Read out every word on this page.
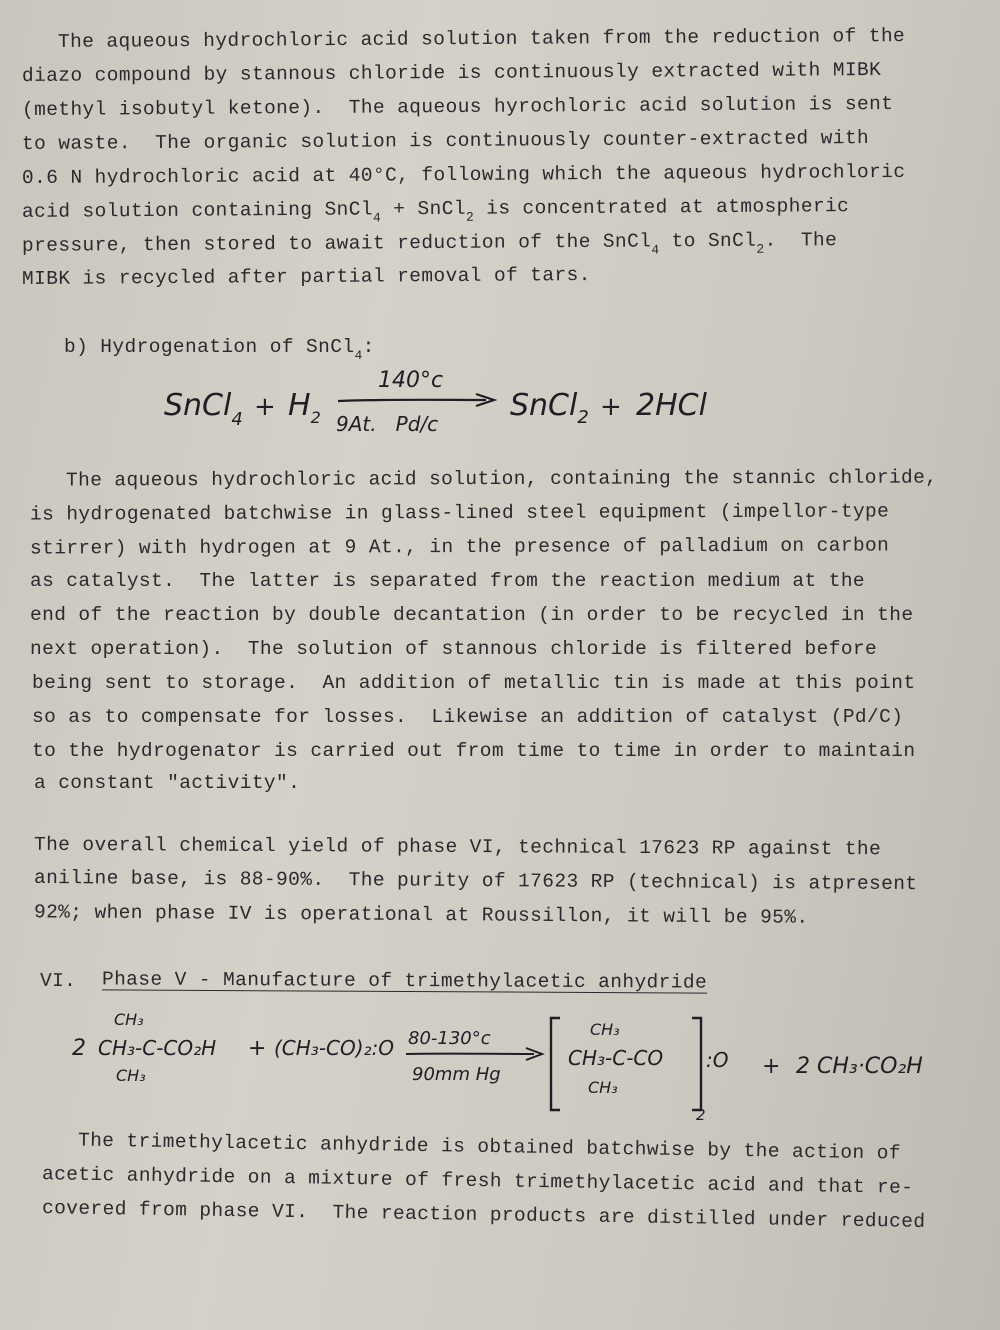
The aqueous hydrochloric acid solution taken from the reduction of the
diazo compound by stannous chloride is continuously extracted with MIBK
(methyl isobutyl ketone).  The aqueous hyrochloric acid solution is sent
to waste.  The organic solution is continuously counter-extracted with
0.6 N hydrochloric acid at 40°C, following which the aqueous hydrochloric
acid solution containing SnCl$_4$ + SnCl$_2$ is concentrated at atmospheric
pressure, then stored to await reduction of the SnCl$_4$ to SnCl$_2$.  The
MIBK is recycled after partial removal of tars.
b) Hydrogenation of SnCl$_4$:
SnCl$_4$ + $H_2$
140°c
9At.   Pd/c
SnCl$_2$ + 2HCl
The aqueous hydrochloric acid solution, containing the stannic chloride,
is hydrogenated batchwise in glass-lined steel equipment (impellor-type
stirrer) with hydrogen at 9 At., in the presence of palladium on carbon
as catalyst.  The latter is separated from the reaction medium at the
end of the reaction by double decantation (in order to be recycled in the
next operation).  The solution of stannous chloride is filtered before
being sent to storage.  An addition of metallic tin is made at this point
so as to compensate for losses.  Likewise an addition of catalyst (Pd/C)
to the hydrogenator is carried out from time to time in order to maintain
a constant "activity".
The overall chemical yield of phase VI, technical 17623 RP against the
aniline base, is 88-90%.  The purity of 17623 RP (technical) is atpresent
92%; when phase IV is operational at Roussillon, it will be 95%.
VI. Phase V - Manufacture of trimethylacetic anhydride
2
CH₃
CH₃-C-CO₂H
CH₃
+ (CH₃-CO)₂:O 80-130°c
90mm Hg
CH₃
CH₃-C-CO
CH₃
2
:O + 2 CH₃·CO₂H
The trimethylacetic anhydride is obtained batchwise by the action of
acetic anhydride on a mixture of fresh trimethylacetic acid and that re-
covered from phase VI.  The reaction products are distilled under reduced
